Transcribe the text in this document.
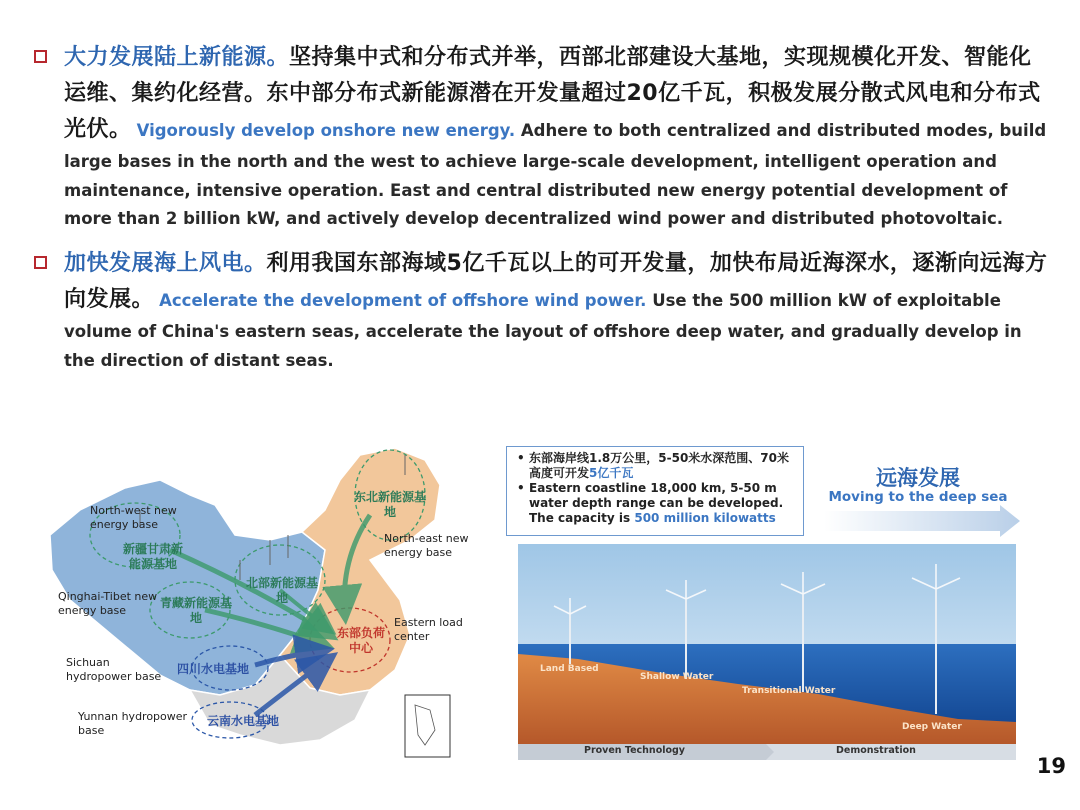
大力发展陆上新能源。坚持集中式和分布式并举，西部北部建设大基地，实现规模化开发、智能化运维、集约化经营。东中部分布式新能源潜在开发量超过20亿千瓦，积极发展分散式风电和分布式光伏。 Vigorously develop onshore new energy. Adhere to both centralized and distributed modes, build large bases in the north and the west to achieve large-scale development, intelligent operation and maintenance, intensive operation. East and central distributed new energy potential development of more than 2 billion kW, and actively develop decentralized wind power and distributed photovoltaic.
加快发展海上风电。利用我国东部海域5亿千瓦以上的可开发量，加快布局近海深水，逐渐向远海方向发展。 Accelerate the development of offshore wind power. Use the 500 million kW of exploitable volume of China's eastern seas, accelerate the layout of offshore deep water, and gradually develop in the direction of distant seas.
North-west new energy base
新疆甘肃新能源基地
Qinghai-Tibet new energy base
青藏新能源基地
Sichuan hydropower base
四川水电基地
Yunnan hydropower base
云南水电基地
北部新能源基地
东北新能源基地
North-east new energy base
东部负荷中心
Eastern load center
• 东部海岸线1.8万公里，5-50米水深范围、70米高度可开发5亿千瓦
• Eastern coastline 18,000 km, 5-50 m water depth range can be developed. The capacity is 500 million kilowatts
远海发展
Moving to the deep sea
Land Based
Shallow Water
Transitional Water
Deep Water
Proven Technology	Demonstration
19
